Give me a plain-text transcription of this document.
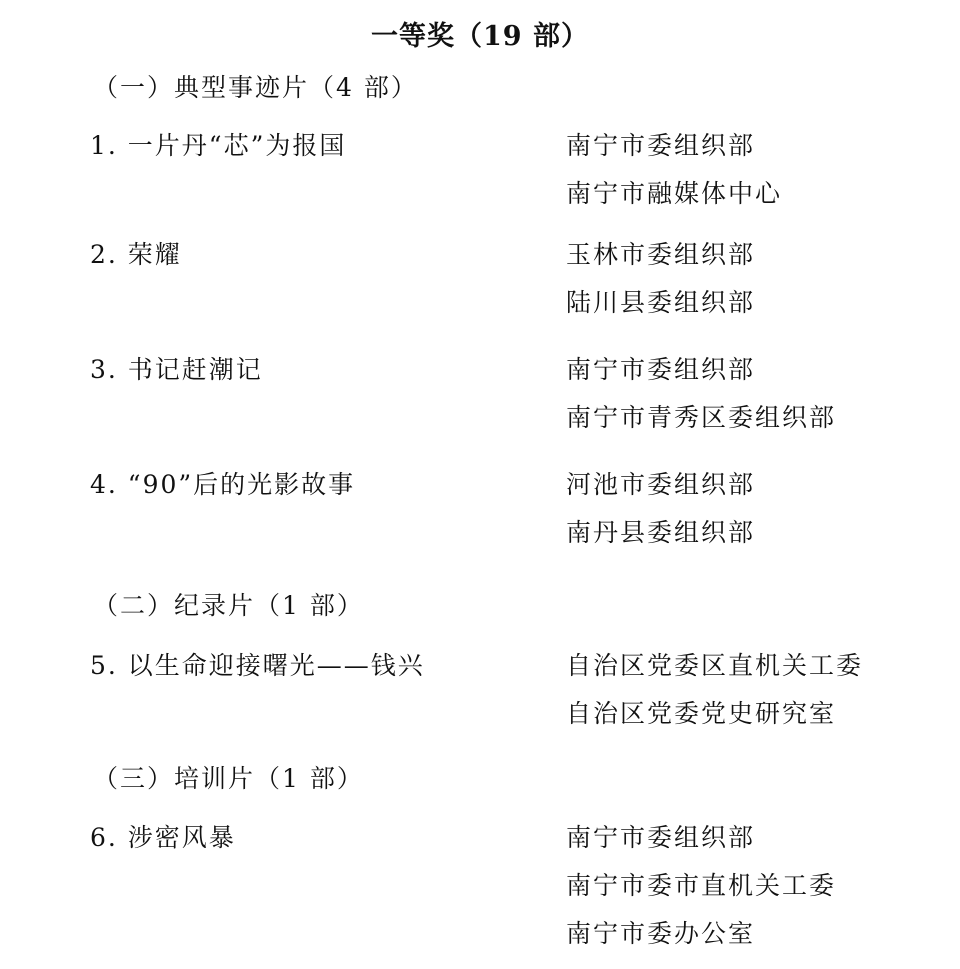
一等奖（19 部）
（一）典型事迹片（4 部）
1. 一片丹“芯”为报国	南宁市委组织部
南宁市融媒体中心
2. 荣耀	玉林市委组织部
陆川县委组织部
3. 书记赶潮记	南宁市委组织部
南宁市青秀区委组织部
4. “90”后的光影故事	河池市委组织部
南丹县委组织部
（二）纪录片（1 部）
5. 以生命迎接曙光——钱兴	自治区党委区直机关工委
自治区党委党史研究室
（三）培训片（1 部）
6. 涉密风暴	南宁市委组织部
南宁市委市直机关工委
南宁市委办公室
